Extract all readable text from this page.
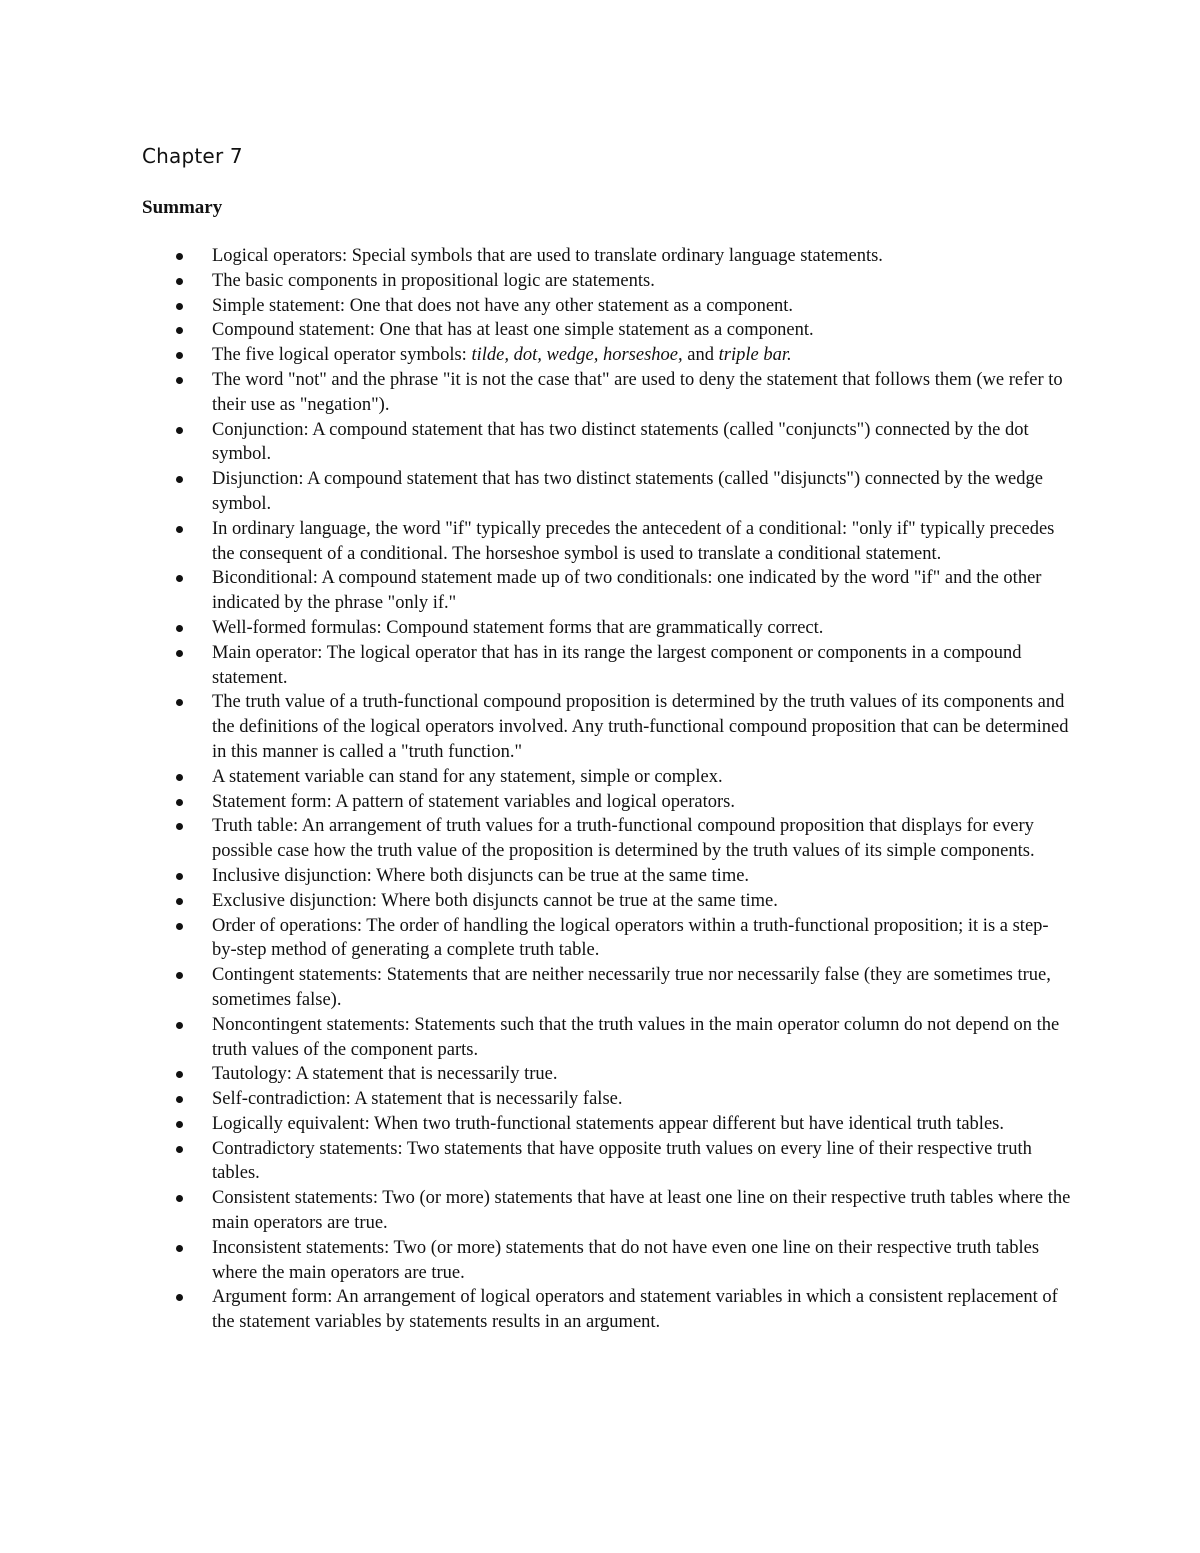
Chapter 7
Summary
Logical operators: Special symbols that are used to translate ordinary language statements.
The basic components in propositional logic are statements.
Simple statement: One that does not have any other statement as a component.
Compound statement: One that has at least one simple statement as a component.
The five logical operator symbols: tilde, dot, wedge, horseshoe, and triple bar.
The word "not" and the phrase "it is not the case that" are used to deny the statement that follows them (we refer to their use as "negation").
Conjunction: A compound statement that has two distinct statements (called "conjuncts") connected by the dot symbol.
Disjunction: A compound statement that has two distinct statements (called "disjuncts") connected by the wedge symbol.
In ordinary language, the word "if" typically precedes the antecedent of a conditional: "only if" typically precedes the consequent of a conditional. The horseshoe symbol is used to translate a conditional statement.
Biconditional: A compound statement made up of two conditionals: one indicated by the word "if" and the other indicated by the phrase "only if."
Well-formed formulas: Compound statement forms that are grammatically correct.
Main operator: The logical operator that has in its range the largest component or components in a compound statement.
The truth value of a truth-functional compound proposition is determined by the truth values of its components and the definitions of the logical operators involved. Any truth-functional compound proposition that can be determined in this manner is called a "truth function."
A statement variable can stand for any statement, simple or complex.
Statement form: A pattern of statement variables and logical operators.
Truth table: An arrangement of truth values for a truth-functional compound proposition that displays for every possible case how the truth value of the proposition is determined by the truth values of its simple components.
Inclusive disjunction: Where both disjuncts can be true at the same time.
Exclusive disjunction: Where both disjuncts cannot be true at the same time.
Order of operations: The order of handling the logical operators within a truth-functional proposition; it is a step-by-step method of generating a complete truth table.
Contingent statements: Statements that are neither necessarily true nor necessarily false (they are sometimes true, sometimes false).
Noncontingent statements: Statements such that the truth values in the main operator column do not depend on the truth values of the component parts.
Tautology: A statement that is necessarily true.
Self-contradiction: A statement that is necessarily false.
Logically equivalent: When two truth-functional statements appear different but have identical truth tables.
Contradictory statements: Two statements that have opposite truth values on every line of their respective truth tables.
Consistent statements: Two (or more) statements that have at least one line on their respective truth tables where the main operators are true.
Inconsistent statements: Two (or more) statements that do not have even one line on their respective truth tables where the main operators are true.
Argument form: An arrangement of logical operators and statement variables in which a consistent replacement of the statement variables by statements results in an argument.
